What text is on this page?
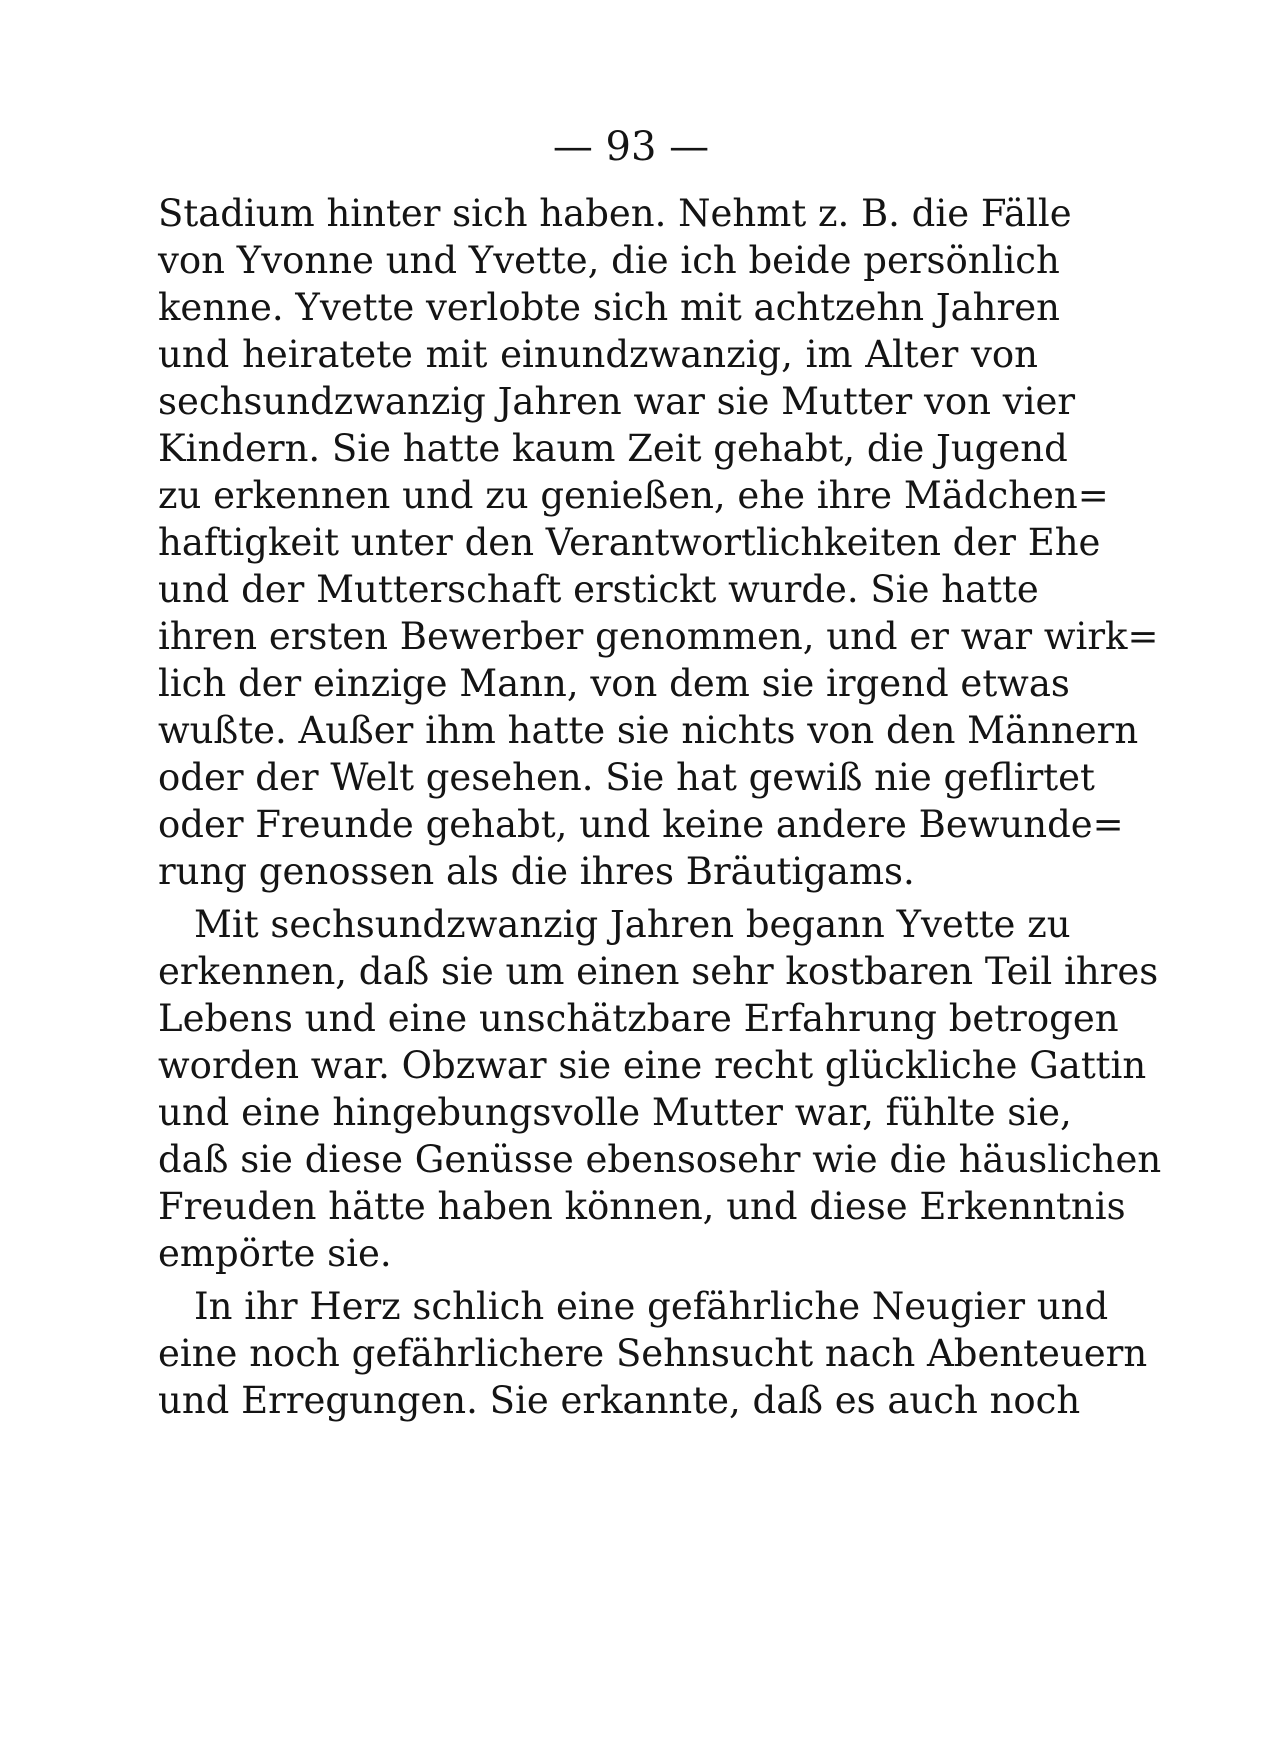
— 93 —
Stadium hinter sich haben. Nehmt z. B. die Fälle
von Yvonne und Yvette, die ich beide persönlich
kenne. Yvette verlobte sich mit achtzehn Jahren
und heiratete mit einundzwanzig, im Alter von
sechsundzwanzig Jahren war sie Mutter von vier
Kindern. Sie hatte kaum Zeit gehabt, die Jugend
zu erkennen und zu genießen, ehe ihre Mädchen=
haftigkeit unter den Verantwortlichkeiten der Ehe
und der Mutterschaft erstickt wurde. Sie hatte
ihren ersten Bewerber genommen, und er war wirk=
lich der einzige Mann, von dem sie irgend etwas
wußte. Außer ihm hatte sie nichts von den Männern
oder der Welt gesehen. Sie hat gewiß nie geflirtet
oder Freunde gehabt, und keine andere Bewunde=
rung genossen als die ihres Bräutigams.
Mit sechsundzwanzig Jahren begann Yvette zu
erkennen, daß sie um einen sehr kostbaren Teil ihres
Lebens und eine unschätzbare Erfahrung betrogen
worden war. Obzwar sie eine recht glückliche Gattin
und eine hingebungsvolle Mutter war, fühlte sie,
daß sie diese Genüsse ebensosehr wie die häuslichen
Freuden hätte haben können, und diese Erkenntnis
empörte sie.
In ihr Herz schlich eine gefährliche Neugier und
eine noch gefährlichere Sehnsucht nach Abenteuern
und Erregungen. Sie erkannte, daß es auch noch
